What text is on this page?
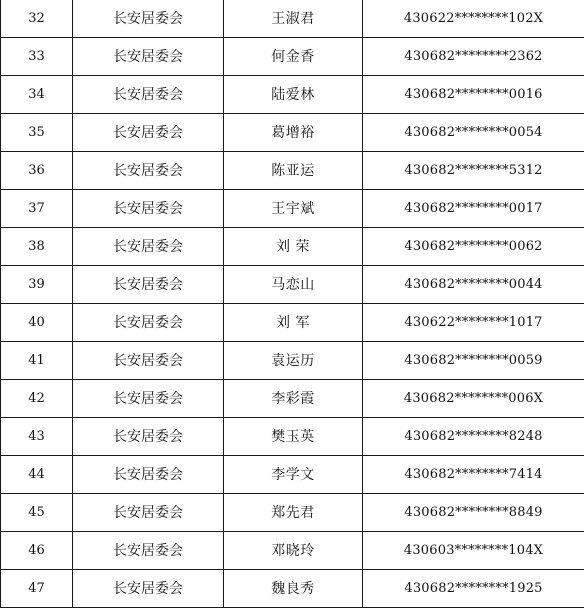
32	长安居委会	王淑君	430622********102X
33	长安居委会	何金香	430682********2362
34	长安居委会	陆爱林	430682********0016
35	长安居委会	葛增裕	430682********0054
36	长安居委会	陈亚运	430682********5312
37	长安居委会	王宇斌	430682********0017
38	长安居委会	刘 荣	430682********0062
39	长安居委会	马恋山	430682********0044
40	长安居委会	刘 军	430622********1017
41	长安居委会	袁运历	430682********0059
42	长安居委会	李彩霞	430682********006X
43	长安居委会	樊玉英	430682********8248
44	长安居委会	李学文	430682********7414
45	长安居委会	郑先君	430682********8849
46	长安居委会	邓晓玲	430603********104X
47	长安居委会	魏良秀	430682********1925
